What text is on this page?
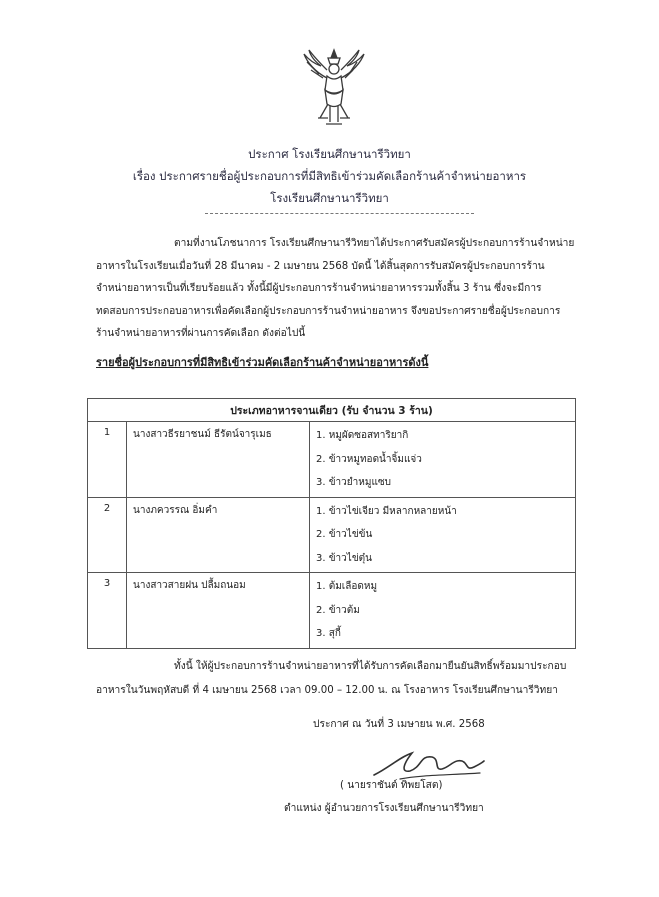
ประกาศ โรงเรียนศึกษานารีวิทยา
เรื่อง ประกาศรายชื่อผู้ประกอบการที่มีสิทธิเข้าร่วมคัดเลือกร้านค้าจำหน่ายอาหาร
โรงเรียนศึกษานารีวิทยา
ตามที่งานโภชนาการ โรงเรียนศึกษานารีวิทยาได้ประกาศรับสมัครผู้ประกอบการร้านจำหน่าย
อาหารในโรงเรียนเมื่อวันที่ 28 มีนาคม - 2 เมษายน 2568 บัดนี้ ได้สิ้นสุดการรับสมัครผู้ประกอบการร้าน
จำหน่ายอาหารเป็นที่เรียบร้อยแล้ว ทั้งนี้มีผู้ประกอบการร้านจำหน่ายอาหารรวมทั้งสิ้น 3 ร้าน ซึ่งจะมีการ
ทดสอบการประกอบอาหารเพื่อคัดเลือกผู้ประกอบการร้านจำหน่ายอาหาร จึงขอประกาศรายชื่อผู้ประกอบการ
ร้านจำหน่ายอาหารที่ผ่านการคัดเลือก ดังต่อไปนี้
รายชื่อผู้ประกอบการที่มีสิทธิเข้าร่วมคัดเลือกร้านค้าจำหน่ายอาหารดังนี้
ประเภทอาหารจานเดียว (รับ จำนวน 3 ร้าน)		
1	นางสาวธีรยาชนม์ ธีรัตน์จารุเมธ	1. หมูผัดซอสทาริยากิ
2. ข้าวหมูทอดน้ำจิ้มแจ่ว
3. ข้าวยำหมูแซบ

2	นางภควรรณ อิ่มคำ	1. ข้าวไข่เจียว มีหลากหลายหน้า
2. ข้าวไข่ข้น
3. ข้าวไข่ตุ๋น

3	นางสาวสายฝน ปลื้มถนอม	1. ต้มเลือดหมู
2. ข้าวต้ม
3. สุกี้
ทั้งนี้ ให้ผู้ประกอบการร้านจำหน่ายอาหารที่ได้รับการคัดเลือกมายืนยันสิทธิ์พร้อมมาประกอบ
อาหารในวันพฤหัสบดี ที่ 4 เมษายน 2568 เวลา 09.00 – 12.00 น. ณ โรงอาหาร โรงเรียนศึกษานารีวิทยา
ประกาศ ณ วันที่ 3 เมษายน พ.ศ. 2568
( นายราชันต์ ทิพยโสต)
ตำแหน่ง ผู้อำนวยการโรงเรียนศึกษานารีวิทยา
